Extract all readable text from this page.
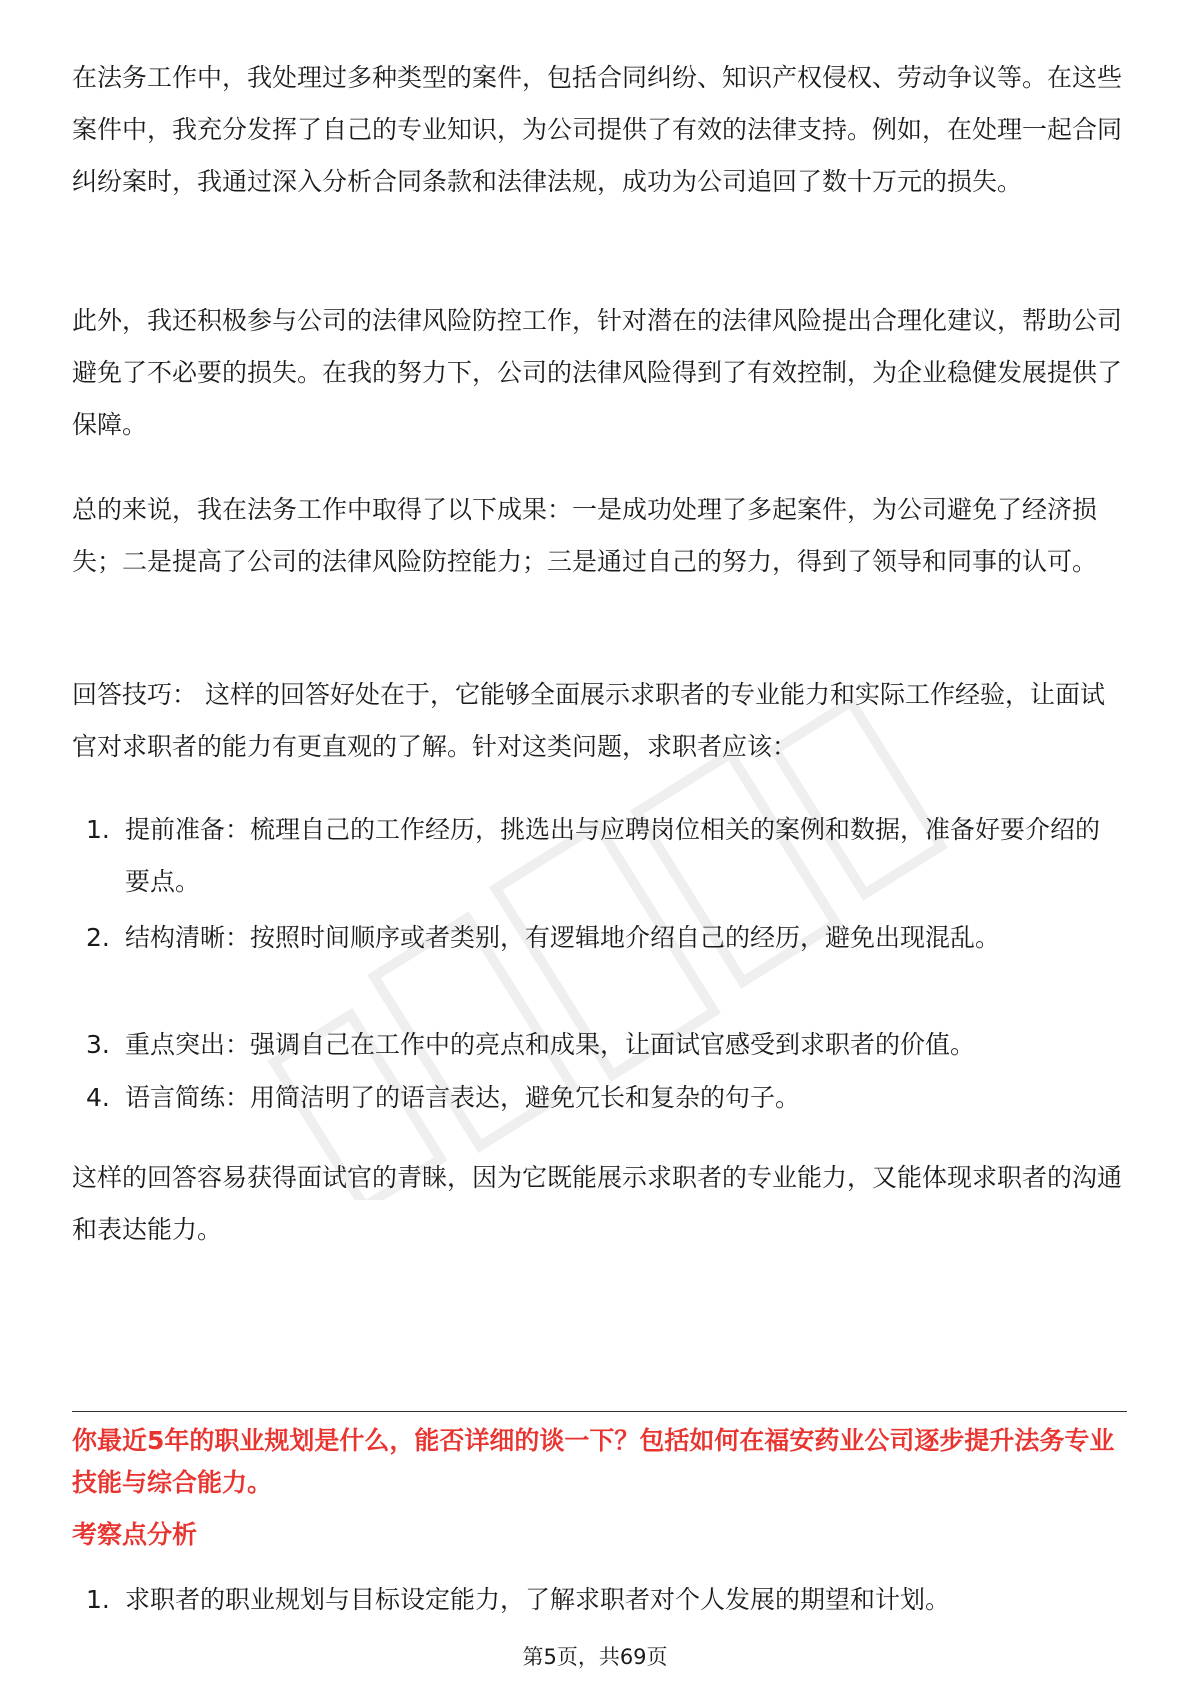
在法务工作中，我处理过多种类型的案件，包括合同纠纷、知识产权侵权、劳动争议等。在这些案件中，我充分发挥了自己的专业知识，为公司提供了有效的法律支持。例如，在处理一起合同纠纷案时，我通过深入分析合同条款和法律法规，成功为公司追回了数十万元的损失。

此外，我还积极参与公司的法律风险防控工作，针对潜在的法律风险提出合理化建议，帮助公司避免了不必要的损失。在我的努力下，公司的法律风险得到了有效控制，为企业稳健发展提供了保障。

总的来说，我在法务工作中取得了以下成果：一是成功处理了多起案件，为公司避免了经济损失；二是提高了公司的法律风险防控能力；三是通过自己的努力，得到了领导和同事的认可。

回答技巧： 这样的回答好处在于，它能够全面展示求职者的专业能力和实际工作经验，让面试官对求职者的能力有更直观的了解。针对这类问题，求职者应该：

1. 提前准备：梳理自己的工作经历，挑选出与应聘岗位相关的案例和数据，准备好要介绍的要点。
2. 结构清晰：按照时间顺序或者类别，有逻辑地介绍自己的经历，避免出现混乱。
3. 重点突出：强调自己在工作中的亮点和成果，让面试官感受到求职者的价值。
4. 语言简练：用简洁明了的语言表达，避免冗长和复杂的句子。

这样的回答容易获得面试官的青睐，因为它既能展示求职者的专业能力，又能体现求职者的沟通和表达能力。

你最近5年的职业规划是什么，能否详细的谈一下？包括如何在福安药业公司逐步提升法务专业技能与综合能力。
考察点分析
1. 求职者的职业规划与目标设定能力，了解求职者对个人发展的期望和计划。
第5页，共69页
